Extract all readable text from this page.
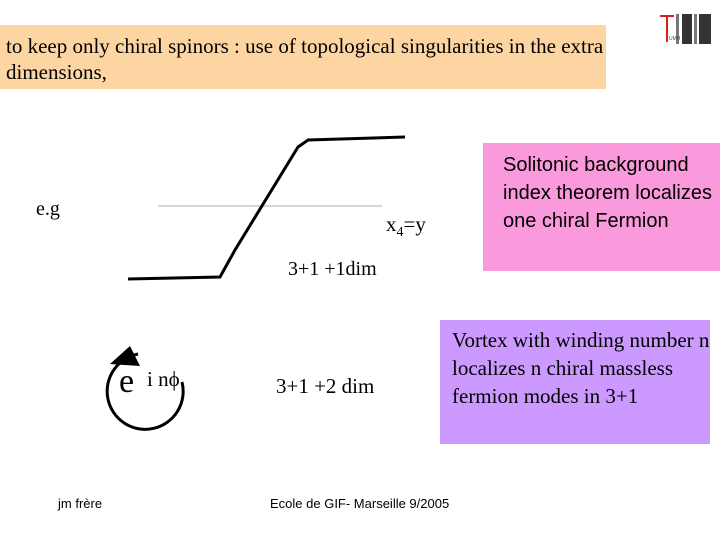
to keep only chiral spinors : use of topological singularities in the extra dimensions,
UMH
e.g
$x_4=y$
3+1 +1dim
Solitonic background index theorem localizes one chiral Fermion
e i nϕ	3+1 +2 dim
Vortex with winding number n localizes n chiral massless fermion modes in 3+1
jm frère	Ecole de GIF- Marseille 9/2005
